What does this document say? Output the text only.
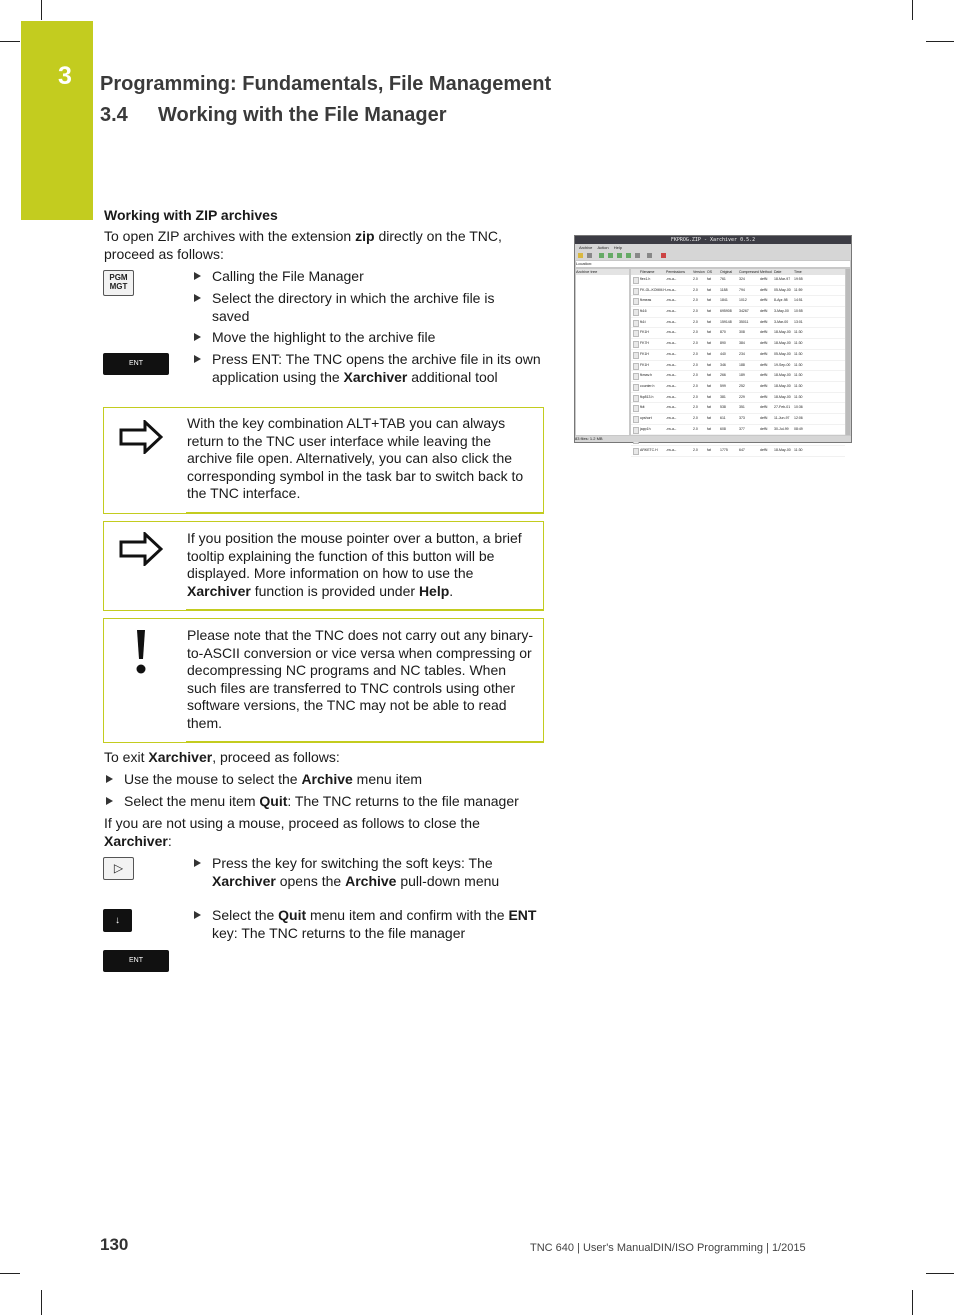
3 Programming: Fundamentals, File Management
3.4 Working with the File Manager
Working with ZIP archives
To open ZIP archives with the extension zip directly on the TNC, proceed as follows:
PGM MGT
ENT
Calling the File Manager
Select the directory in which the archive file is saved
Move the highlight to the archive file
Press ENT: The TNC opens the archive file in its own application using the Xarchiver additional tool
With the key combination ALT+TAB you can always return to the TNC user interface while leaving the archive file open. Alternatively, you can also click the corresponding symbol in the task bar to switch back to the TNC interface.
If you position the mouse pointer over a button, a brief tooltip explaining the function of this button will be displayed. More information on how to use the Xarchiver function is provided under Help.
Please note that the TNC does not carry out any binary-to-ASCII conversion or vice versa when compressing or decompressing NC programs and NC tables. When such files are transferred to TNC controls using other software versions, the TNC may not be able to read them.
To exit Xarchiver, proceed as follows:
Use the mouse to select the Archive menu item
Select the menu item Quit: The TNC returns to the file manager
If you are not using a mouse, proceed as follows to close the Xarchiver:
▷
↓
ENT
Press the key for switching the soft keys: The Xarchiver opens the Archive pull-down menu
Select the Quit menu item and confirm with the ENT key: The TNC returns to the file manager
FKPROG.ZIP - Xarchiver 0.5.2
Archive Action Help
Location:
Archive tree	Filename	Permissions Version OS Original Compressed Method Date	Time
flex1.h	-rw-a--	2.0	fat	761	324	defN 18-Mar-97 19:55
FK-GL-KOMM.H -rw-a--	2.0	fat	1188	794	defN 05-May-00 11:59
fkmeas	-rw-a--	2.0	fat	1841	1012	defN 8-Apr-98 14:51
fk16	-rw-a--	2.0	fat	695908 34267	defN 3-May-00 10:55
fk1t	-rw-a--	2.0	fat	159148 35011	defN 3-Mar-00 13:01
FK1H	-rw-a--	2.0	fat	870	308	defN 18-May-00 11:30
FK7H	-rw-a--	2.0	fat	890	384	defN 18-May-00 11:30
FK1H	-rw-a--	2.0	fat	440	234	defN 05-May-00 11:30
FK1H	-rw-a--	2.0	fat	346	188	defN 19-Sep-00 11:30
fkmav.h	-rw-a--	2.0	fat	266	189	defN 18-May-00 11:30
counter.h	-rw-a--	2.0	fat	599	252	defN 18-May-00 11:30
fkp813.h	-rw-a--	2.0	fat	381	229	defN 18-May-00 11:30
fkit	-rw-a--	2.0	fat	538	351	defN 27-Feb-01 10:36
upshort	-rw-a--	2.0	fat	611	373	defN 11-Jun-97 12:06
japp1h	-rw-a--	2.0	fat	608	377	defN 30-Jul-99 08:49
ARKETC.H -rw-a--	2.0	fat	1775	647	defN 18-May-00 11:30
83 files: 1.2 MB
130	TNC 640 | User's ManualDIN/ISO Programming | 1/2015
